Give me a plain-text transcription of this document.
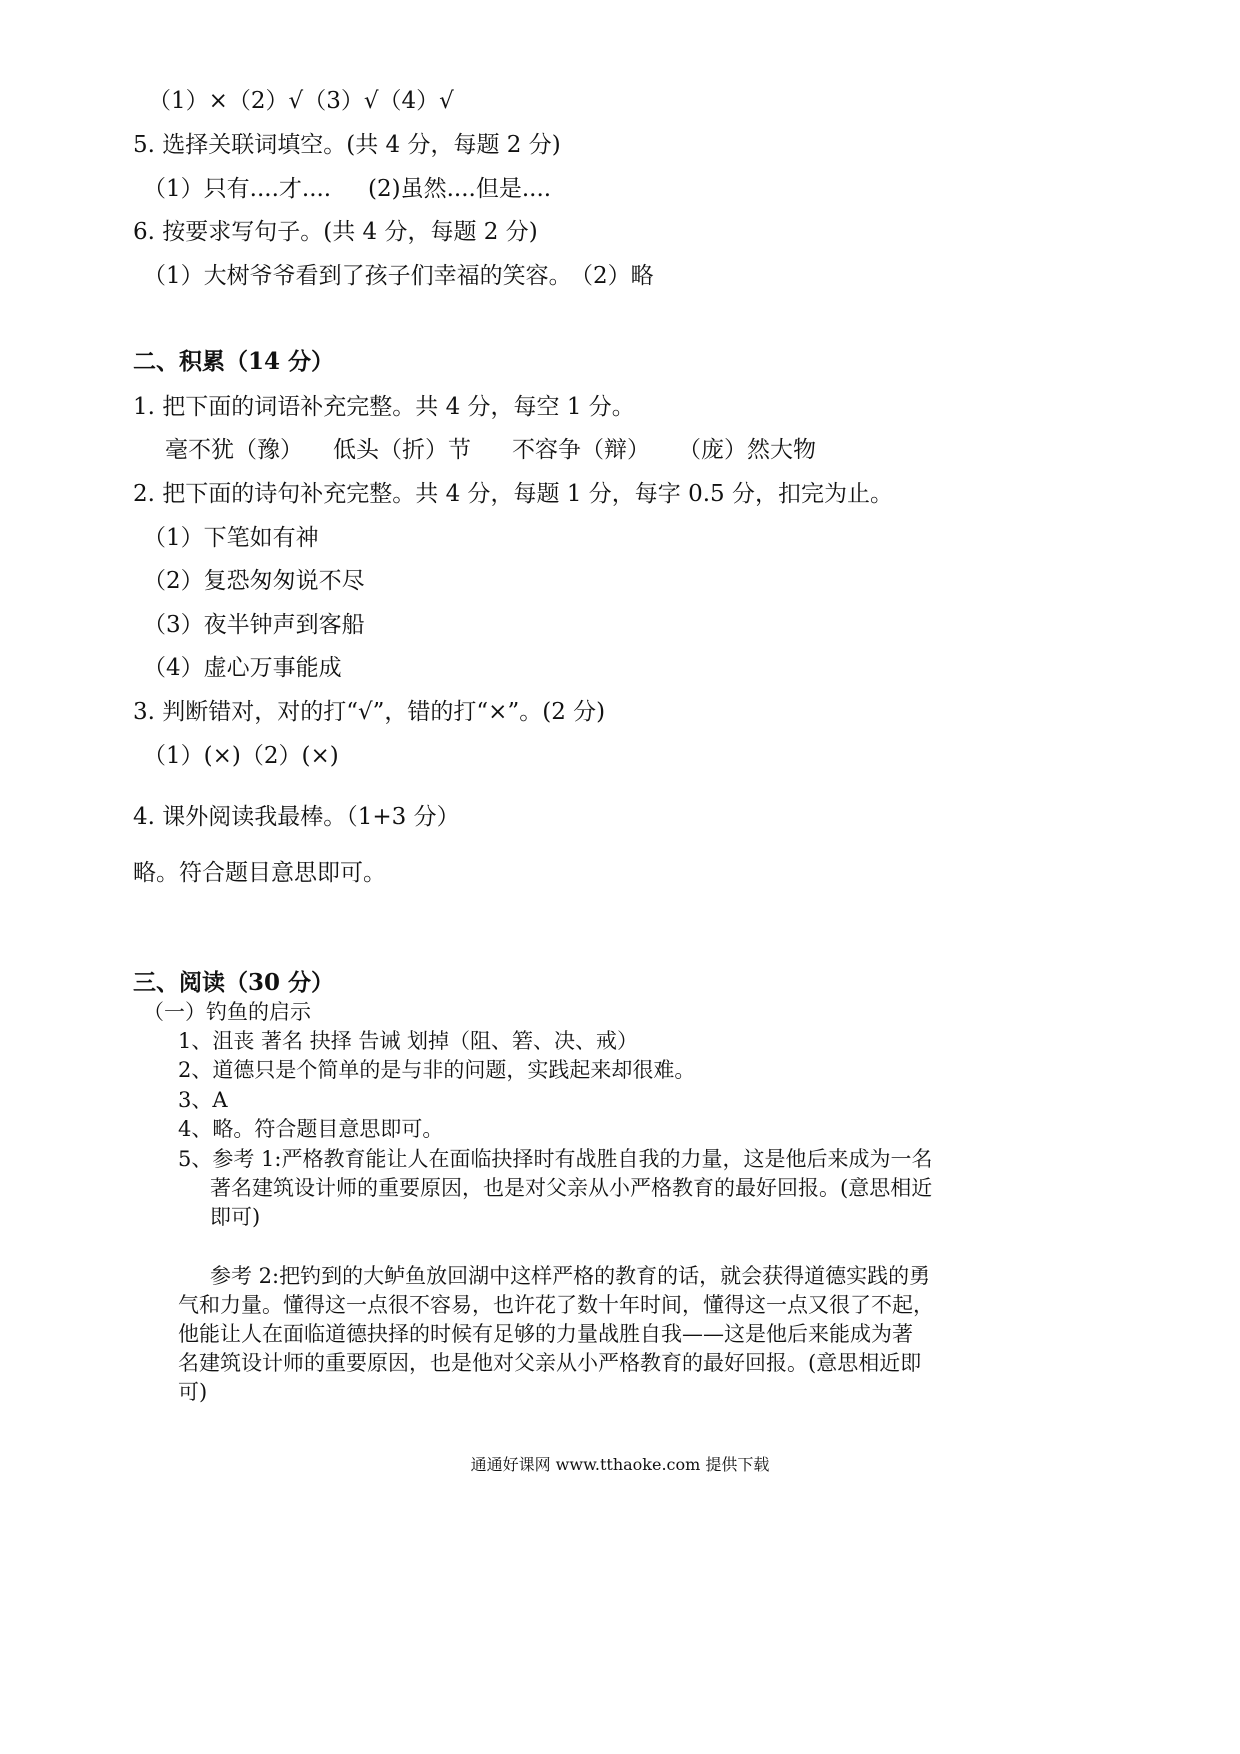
（1）×（2）√（3）√（4）√
5. 选择关联词填空。(共 4 分，每题 2 分)
（1）只有....才.... (2)虽然....但是....
6. 按要求写句子。(共 4 分，每题 2 分)
（1）大树爷爷看到了孩子们幸福的笑容。
（2）略
二、积累（14 分）
1. 把下面的词语补充完整。共 4 分，每空 1 分。
毫不犹（豫） 低头（折）节 不容争（辩） （庞）然大物
2. 把下面的诗句补充完整。共 4 分，每题 1 分，每字 0.5 分，扣完为止。
（1）下笔如有神
（2）复恐匆匆说不尽
（3）夜半钟声到客船
（4）虚心万事能成
3. 判断错对，对的打“√”，错的打“×”。(2 分)
（1）(×)（2）(×)
4. 课外阅读我最棒。（1+3 分）
略。符合题目意思即可。
三、阅读（30 分）
（一）钓鱼的启示
1、沮丧 著名 抉择 告诫 划掉（阻、箬、决、戒）
2、道德只是个简单的是与非的问题，实践起来却很难。
3、A
4、略。符合题目意思即可。
5、参考 1:严格教育能让人在面临抉择时有战胜自我的力量，这是他后来成为一名
著名建筑设计师的重要原因，也是对父亲从小严格教育的最好回报。(意思相近
即可)
参考 2:把钓到的大鲈鱼放回湖中这样严格的教育的话，就会获得道德实践的勇
气和力量。懂得这一点很不容易，也许花了数十年时间，懂得这一点又很了不起，
他能让人在面临道德抉择的时候有足够的力量战胜自我——这是他后来能成为著
名建筑设计师的重要原因，也是他对父亲从小严格教育的最好回报。(意思相近即
可)
通通好课网 www.tthaoke.com 提供下载
